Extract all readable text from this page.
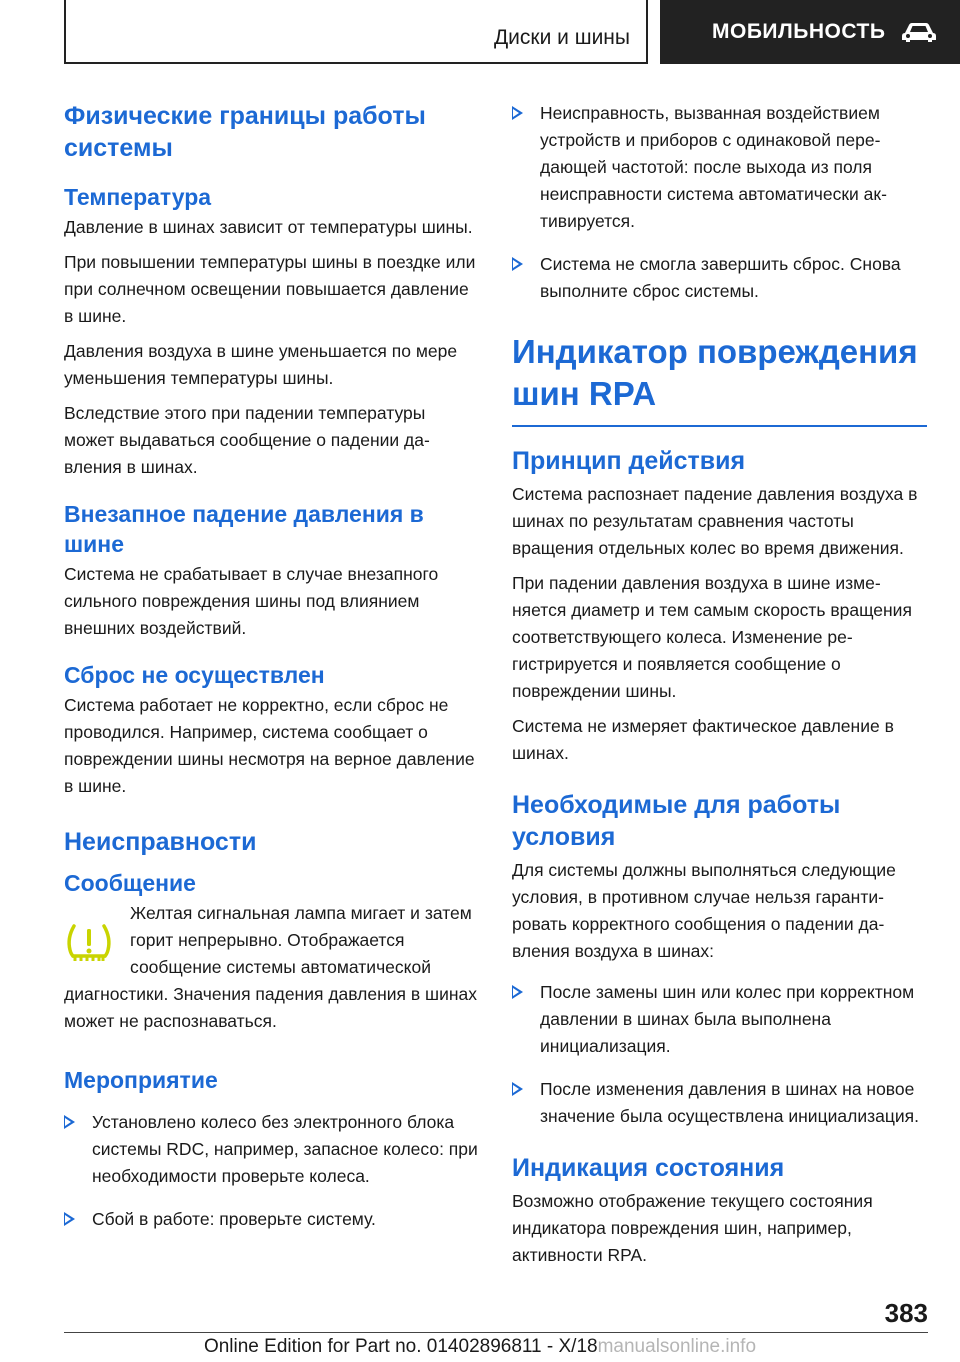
Диски и шины	МОБИЛЬНОСТЬ
Физические границы работы системы
Температура

Давление в шинах зависит от температуры шины.

При повышении температуры шины в поездке или при солнечном освещении повышается давление в шине.

Давления воздуха в шине уменьшается по мере уменьшения температуры шины.

Вследствие этого при падении температуры может выдаваться сообщение о падении давления в шинах.

Внезапное падение давления в шине

Система не срабатывает в случае внезапного сильного повреждения шины под влиянием внешних воздействий.

Сброс не осуществлен

Система работает не корректно, если сброс не проводился. Например, система сообщает о повреждении шины несмотря на верное давление в шине.

Неисправности
Сообщение

Желтая сигнальная лампа мигает и затем горит непрерывно. Отображается сообщение системы автоматической диагностики. Значения падения давления в шинах может не распознаваться.

Мероприятие
Установлено колесо без электронного блока системы RDC, например, запасное колесо: при необходимости проверьте колеса.
Сбой в работе: проверьте систему.
Неисправность, вызванная воздействием устройств и приборов с одинаковой передающей частотой: после выхода из поля неисправности система автоматически активируется.
Система не смогла завершить сброс. Снова выполните сброс системы.
Индикатор повреждения шин RPA
Принцип действия

Система распознает падение давления воздуха в шинах по результатам сравнения частоты вращения отдельных колес во время движения.

При падении давления воздуха в шине изменяется диаметр и тем самым скорость вращения соответствующего колеса. Изменение регистрируется и появляется сообщение о повреждении шины.

Система не измеряет фактическое давление в шинах.

Необходимые для работы условия

Для системы должны выполняться следующие условия, в противном случае нельзя гарантировать корректного сообщения о падении давления воздуха в шинах:

После замены шин или колес при корректном давлении в шинах была выполнена инициализация.
После изменения давления в шинах на новое значение была осуществлена инициализация.
Индикация состояния

Возможно отображение текущего состояния индикатора повреждения шин, например, активности RPA.

383
Online Edition for Part no. 01402896811 - X/18manualsonline.info
